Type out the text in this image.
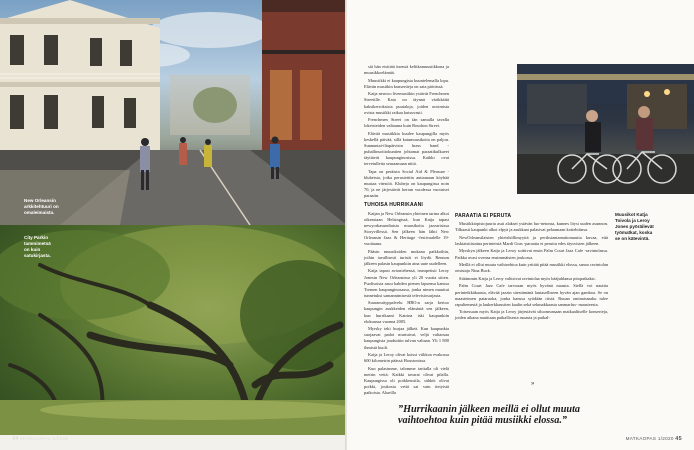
New Orleansin
arkkitehtuuri on
omaleimaista.
City Parkin
tammimetsä
on kuin
satukirjasta.
44 MATKAOPAS 1/2020

stä hän etsittää itsensä keltikamuusiikkona ja muusikkoelämää.

Muusiikki ei kaupungista kuuntelemalla lopu. Elävän musiikin konsertteja on sata päivässä.

Katja neuvoo livemusiikin ystävät Frenchmen Streetille. Kata on täynnä värikkäitä kaksikerroksisia puutaloja, joiden avoimista ovista musiikki raikaa kutsuvasti.

Frenchmen Street on iän samalla tavalla lokeisteiden valtaama kuin Bourbon Street.

Elävää musiikkia kuulee kaupungilla myös keskellä päivää, sillä katumuusikoita on paljon. Sunnuntai-iltapäivisin hrass band -puhallinsoittokuntien johtamat paraatikulkueet täyttävät kaupunginosissa. Kaikki ovat tervetulleita seuraamaan niitä.

Tapa on peräisin Social Aid & Pleasure -klubeista, jotka perustettiin auttamaan köyhää mustaa väestöä. Klubeja on kaupungissa noin 70, ja ne järjestävät kerran vuodessa vuotuiset paraatin.

TUHOISA HURRIKAANI

Katjan ja New Orleansin yhteinen tarina alkoi oikeastaan Helsingissä, kun Katja tapasi newyorkasundiaisia muusikoita jazzarisissa Storyvillessä. Sen jälkeen hän lähti New Orleansin Jazz & Heritage -festivaalelle 19-vuotiaana.

Pääsin muusikoiden mukana paikkoihin, joihin tavallisesti turistit ei löydä. Rennon jälkeen palasin kaupunkiin aina uute uudelleen.

Katja tapasi avioniehensä, trumpetisti Leroy Jonesin New Orleansissa yli 20 vuotta sitten. Puolisoista asuu kahden pienen lapsensa kanssa Tremen kaupunginosassa, jonka nimen muuttui tunnetuksi samannimisestä televisiosarjasta.

Suuranuityppalvelu HBO:n sarja kertoo kaupungin asukkeiden elämästä sen jälkeen, kun hurrikaani Katrina iski kaupunkiin elokuussa vuonna 2005.

Myrsky teki hurjaa jälkeä. Kun kaupunkia suojaavat padot murtuivat, veljä valtaosaa kaupungista jouduttiin tulvan valtaan. Yli 1 800 ihmistä kuoli.

Katja ja Leroy olivat koissi viikkoa evakossa 600 kilometrin päässä Houstonissa.

Kun palasimme, talomme tarttalla oli vielä metrin vettä. Kaikki tavarat olivat pilalla. Kaupungissa oli poikkeustila, sähköt olivat poikki, joukosta vettä sai vain tietyistä paikoista. Alueilla

Muusikot Katja
Toivola ja Leroy
Jones pyöräilevät
työmatkat, koska
se on kätevintä.

PARAATIA EI PERUTA

Musiikkiopistojuuria asui alakset ystävän luo-netonsa, kunnes löysi uuden asunnon. Tilkaasti kaupunki alkoi elpyä ja asukkaat palasivat pelaamaan kotiehtiinsa.

NewOrleansilaisten yhteishöllimyyttä ja periksiantamattomuutta kuvaa, että laskiaistiistaina perinteistä Mardi Gras -paraatia ei peruttu edes täysvisten jälkeen.

Myrskyn jälkeen Katja ja Leroy soittivat ensin Palm Court Jazz Cafe -ravintolassa. Paikka avasi ovensa ensimmäisten joukossa.

Meillä ei ollut muuta vaihtoehtoa kuin yrittää pitää musiikki elossa, sanoo ravintolan omistaja Nina Buck.

Siitämmin Katja ja Leroy valitsivat ravintolaa myös hääjuhlansa pitopaikaksi.

Palm Court Jazz Cafe tarvoaan myös hyvänä maasta. Siellä voi nauttia perinteikkäkaasta, elävää jazzin säestämänä lautaselliseen hyvän ajan gamboa. Se on maasteimen pataruoka, jonka kanssa syödään riisiä. Ruuan ominaismaku tulee rapuliemestä ja laukerkkaustien kaalin sekä sekmakkaasta sanmarfus- maasteesta.

Toisessaan myös Katja ja Leroy järjestävät siluonrunsaan maikaaliiselle konserteja, joiden aikana nautitaan paikallisesta ruuasta ja paikal-

MATKAOPAS 1/2020 45
»
”Hurrikaanin jälkeen meillä ei ollut muuta vaihtoehtoa kuin pitää musiikki elossa.”
